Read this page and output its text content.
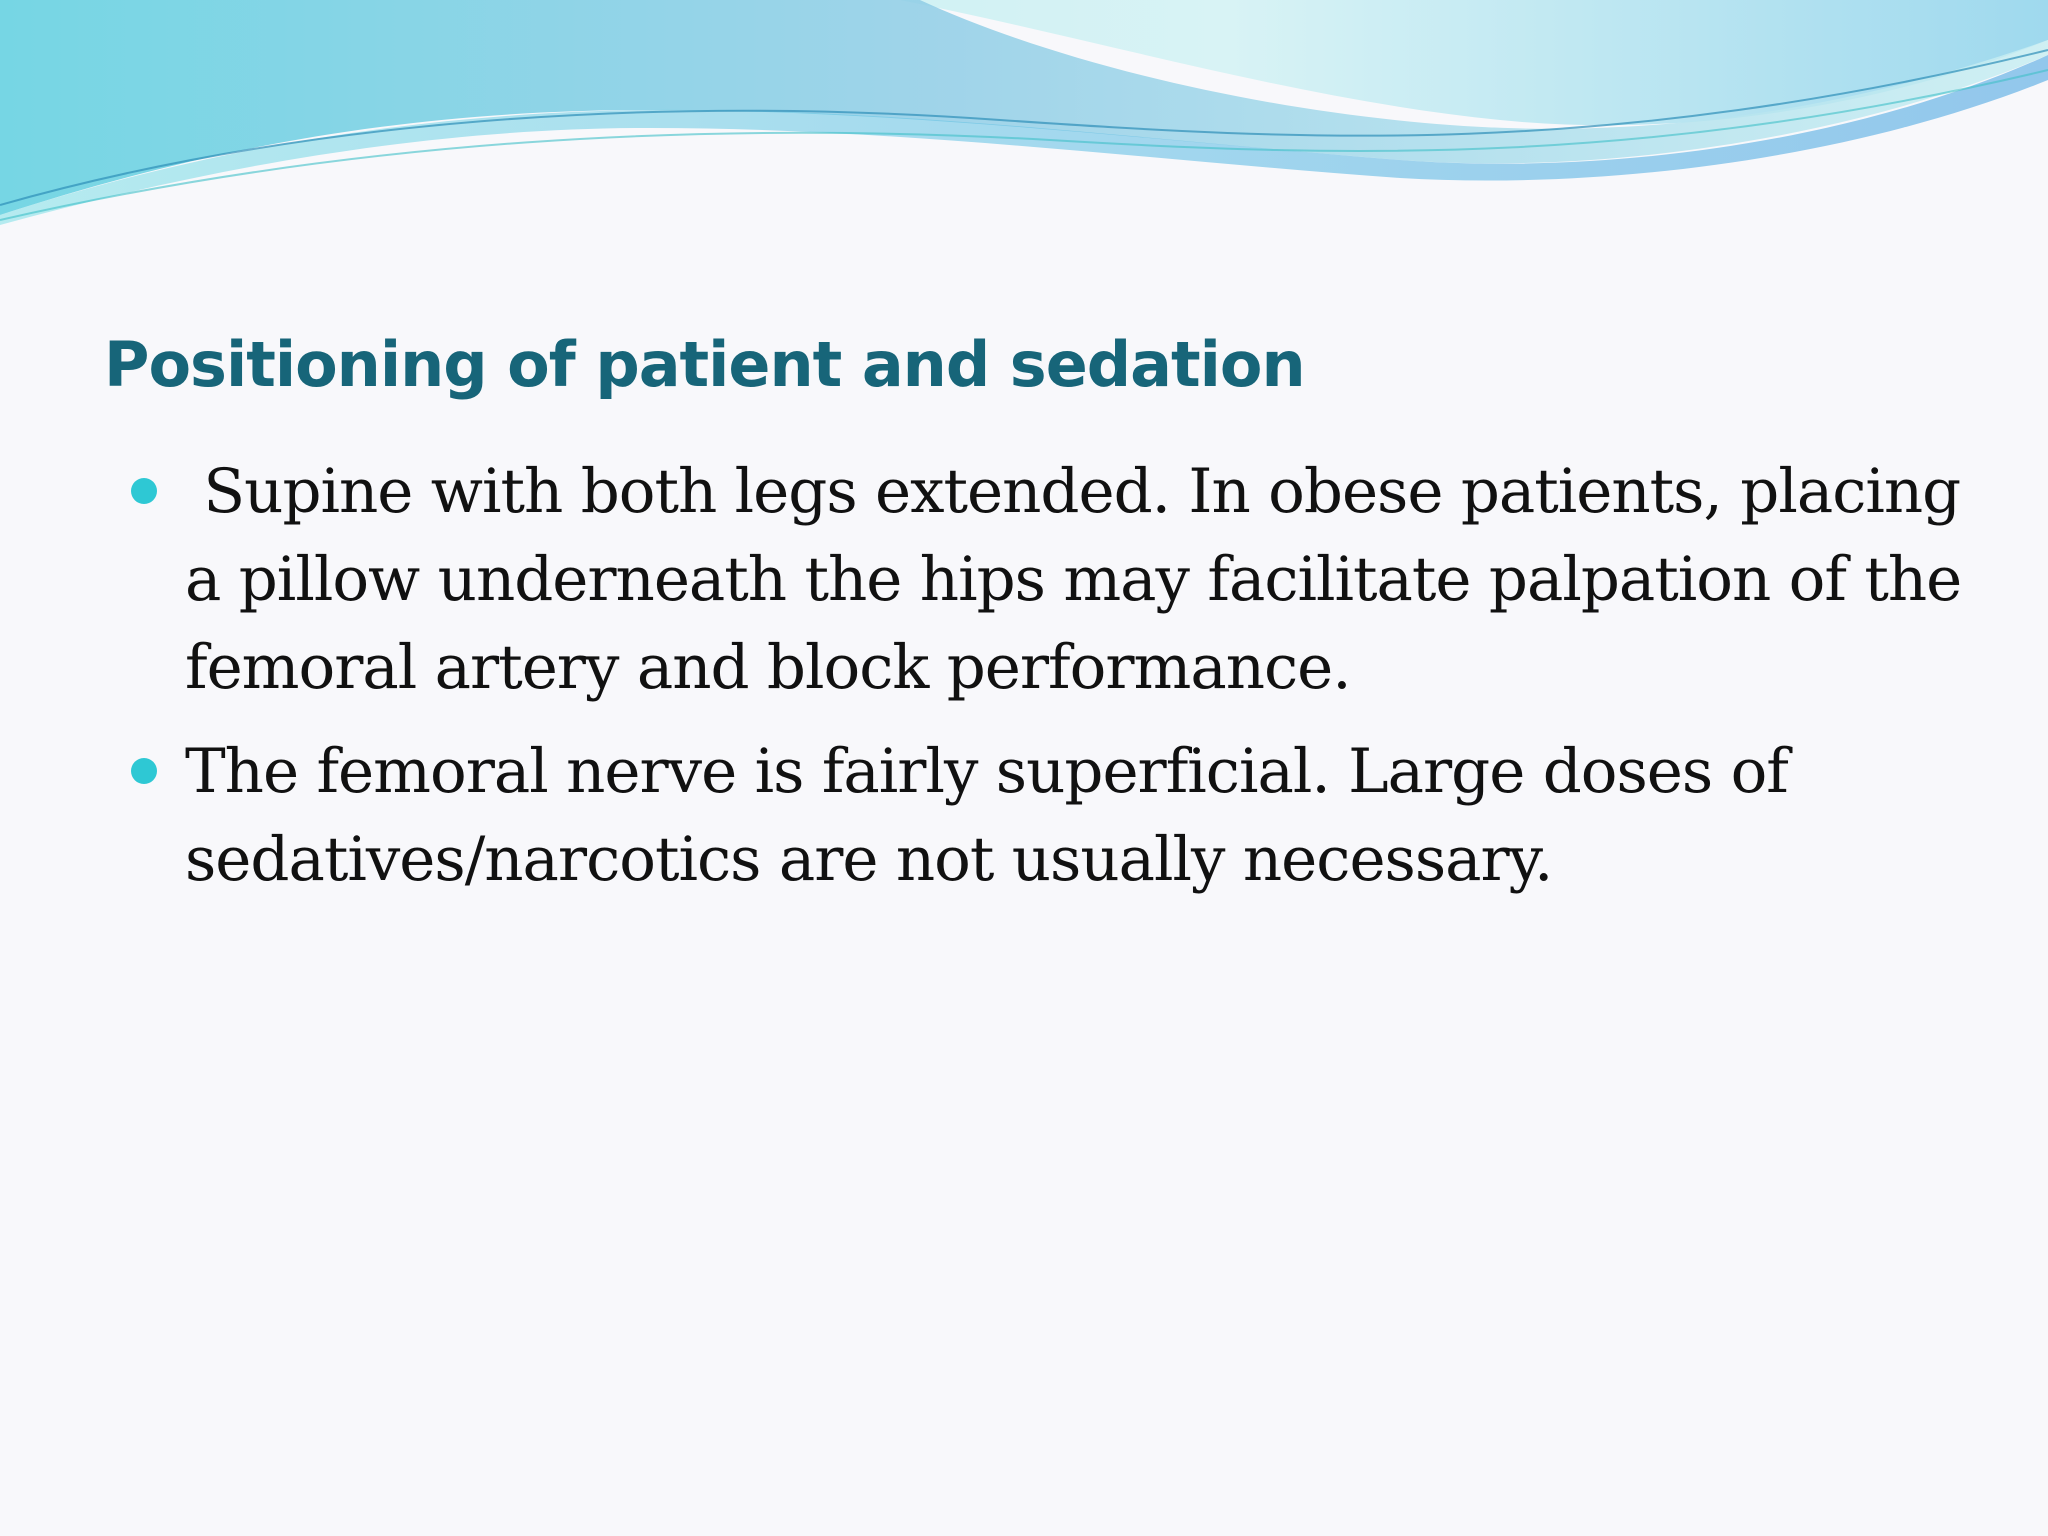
Positioning of patient and sedation
Supine with both legs extended. In obese patients, placing a pillow underneath the hips may facilitate palpation of the femoral artery and block performance.
The femoral nerve is fairly superficial. Large doses of sedatives/narcotics are not usually necessary.
